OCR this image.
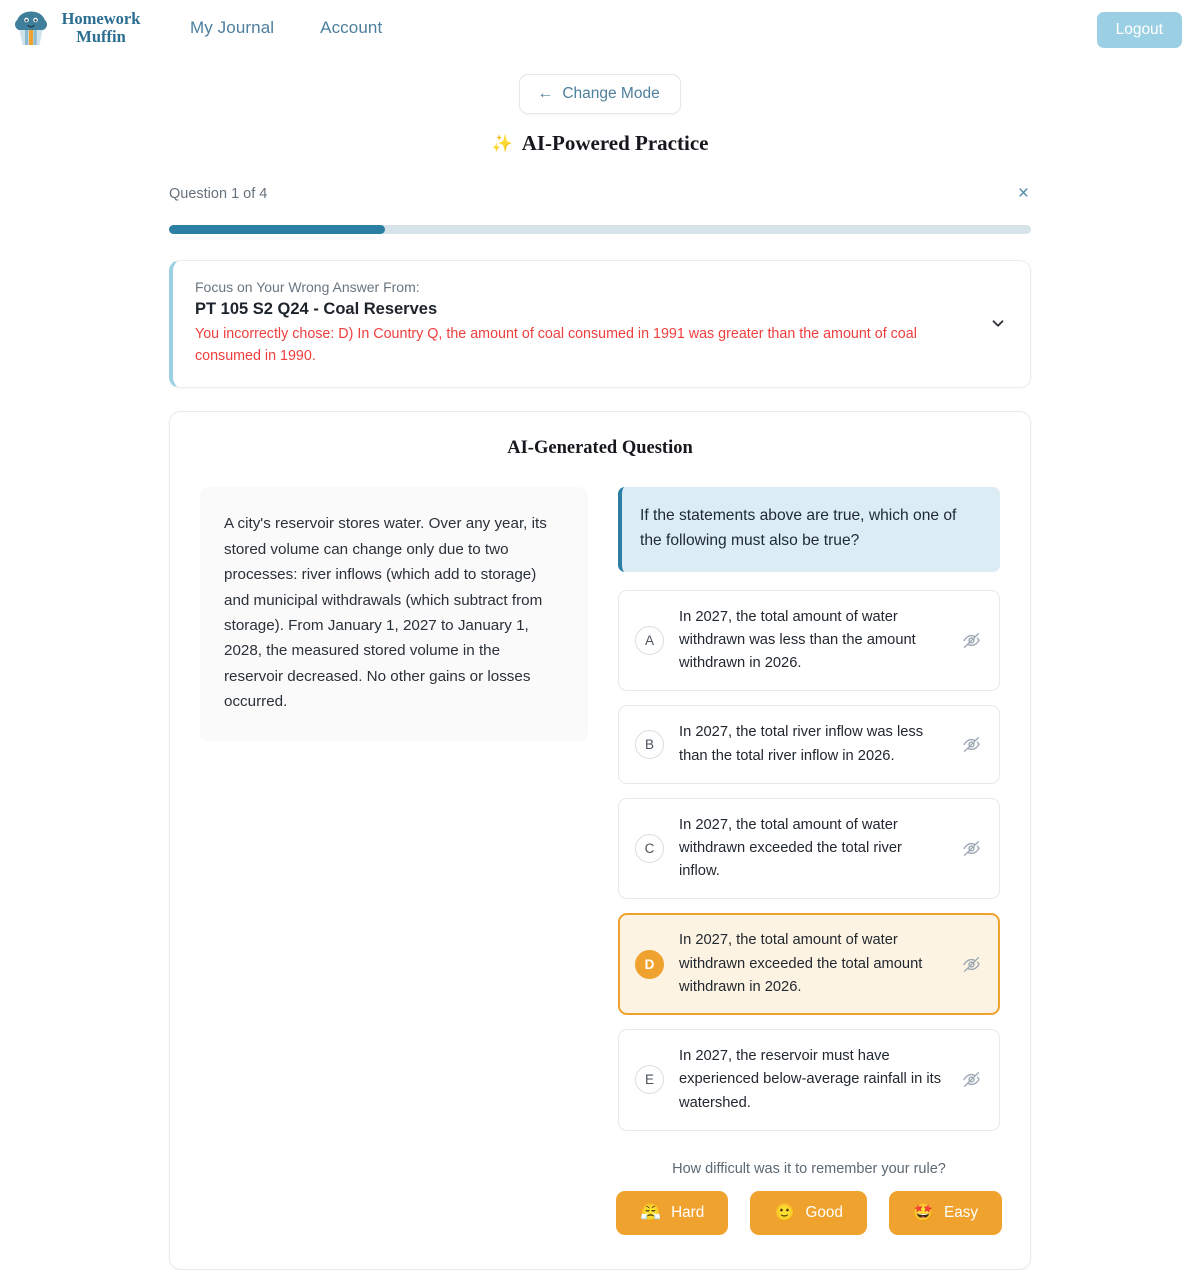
Homework
Muffin	My Journal	Account	Logout
← Change Mode
✨ AI-Powered Practice
Question 1 of 4	×
Focus on Your Wrong Answer From:
PT 105 S2 Q24 - Coal Reserves
You incorrectly chose: D) In Country Q, the amount of coal consumed in 1991 was greater than the amount of coal consumed in 1990.
AI-Generated Question
A city's reservoir stores water. Over any year, its stored volume can change only due to two processes: river inflows (which add to storage) and municipal withdrawals (which subtract from storage). From January 1, 2027 to January 1, 2028, the measured stored volume in the reservoir decreased. No other gains or losses occurred.
If the statements above are true, which one of the following must also be true?
A
In 2027, the total amount of water withdrawn was less than the amount withdrawn in 2026.
B
In 2027, the total river inflow was less than the total river inflow in 2026.
C
In 2027, the total amount of water withdrawn exceeded the total river inflow.
D
In 2027, the total amount of water withdrawn exceeded the total amount withdrawn in 2026.
E
In 2027, the reservoir must have experienced below-average rainfall in its watershed.
How difficult was it to remember your rule?
😤 Hard	🙂 Good	🤩 Easy
